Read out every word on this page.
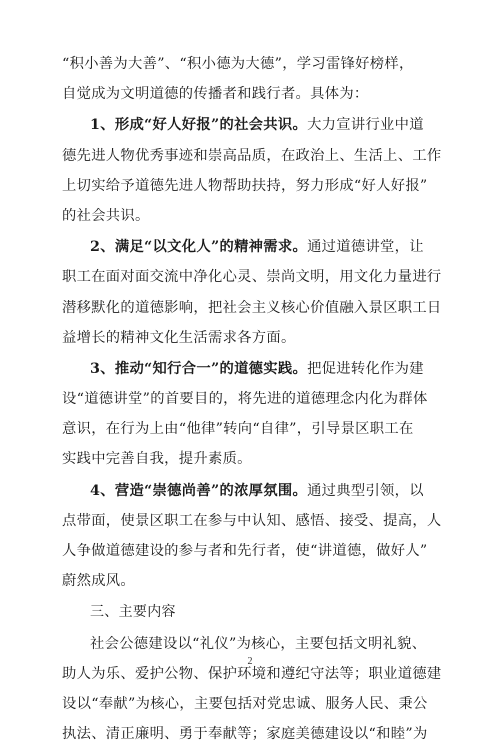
“积小善为大善”、“积小德为大德”，学习雷锋好榜样，
自觉成为文明道德的传播者和践行者。具体为：
1、形成“好人好报”的社会共识。大力宣讲行业中道
德先进人物优秀事迹和崇高品质，在政治上、生活上、工作
上切实给予道德先进人物帮助扶持，努力形成“好人好报”
的社会共识。
2、满足“以文化人”的精神需求。通过道德讲堂，让
职工在面对面交流中净化心灵、崇尚文明，用文化力量进行
潜移默化的道德影响，把社会主义核心价值融入景区职工日
益增长的精神文化生活需求各方面。
3、推动“知行合一”的道德实践。把促进转化作为建
设“道德讲堂”的首要目的，将先进的道德理念内化为群体
意识，在行为上由“他律”转向“自律”，引导景区职工在
实践中完善自我，提升素质。
4、营造“崇德尚善”的浓厚氛围。通过典型引领，以
点带面，使景区职工在参与中认知、感悟、接受、提高，人
人争做道德建设的参与者和先行者，使“讲道德，做好人”
蔚然成风。
三、主要内容
社会公德建设以“礼仪”为核心，主要包括文明礼貌、
助人为乐、爱护公物、保护环境和遵纪守法等；职业道德建
设以“奉献”为核心，主要包括对党忠诚、服务人民、秉公
执法、清正廉明、勇于奉献等；家庭美德建设以“和睦”为
2
